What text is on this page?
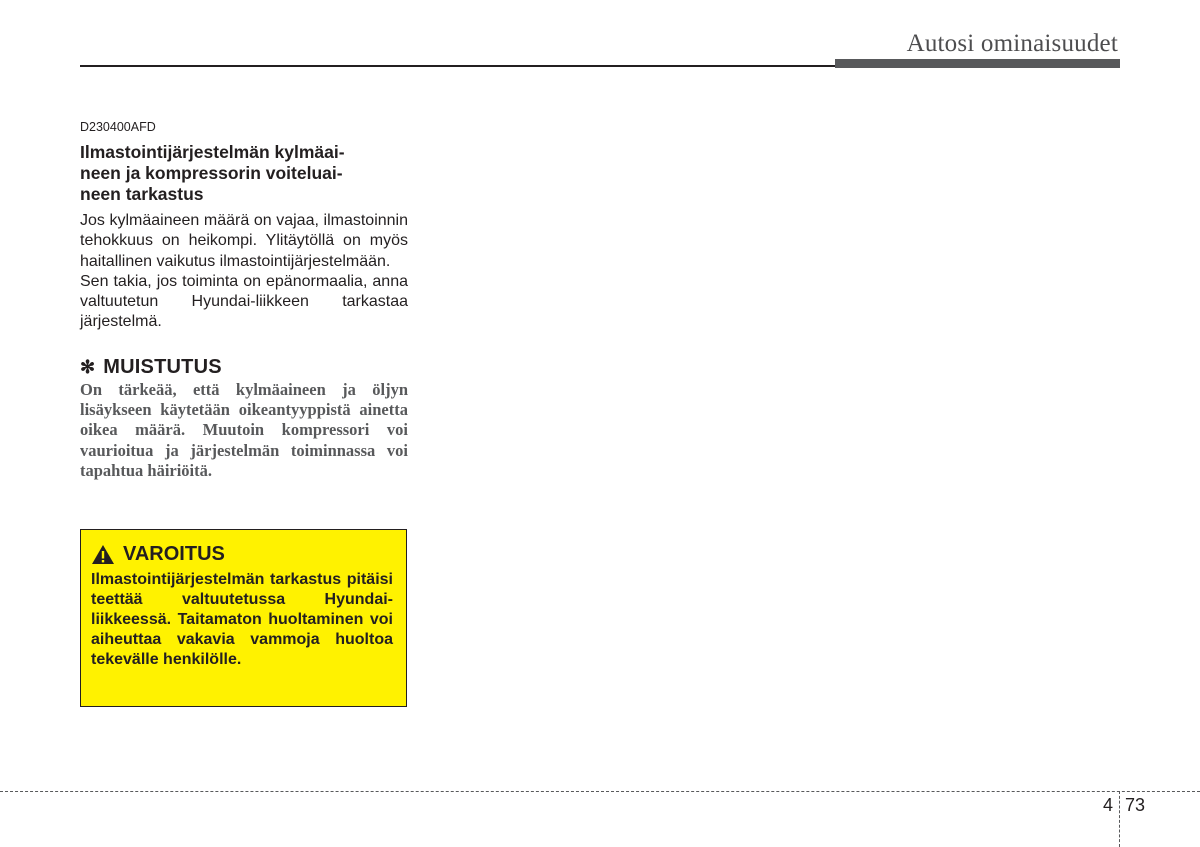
Autosi ominaisuudet
D230400AFD
Ilmastointijärjestelmän kylmäai-
neen ja kompressorin voiteluai-
neen tarkastus
Jos kylmäaineen määrä on vajaa, ilmastoinnin tehokkuus on heikompi. Ylitäytöllä on myös haitallinen vaikutus ilmastointijärjestelmään.
Sen takia, jos toiminta on epänormaalia, anna valtuutetun Hyundai-liikkeen tarkastaa järjestelmä.
✻ MUISTUTUS
On tärkeää, että kylmäaineen ja öljyn lisäykseen käytetään oikeantyyppistä ainetta oikea määrä. Muutoin kompressori voi vaurioitua ja järjestelmän toiminnassa voi tapahtua häiriöitä.
VAROITUS
Ilmastointijärjestelmän tarkastus pitäisi teettää valtuutetussa Hyundai-liikkeessä. Taitamaton huoltaminen voi aiheuttaa vakavia vammoja huoltoa tekevälle henkilölle.
4 73
